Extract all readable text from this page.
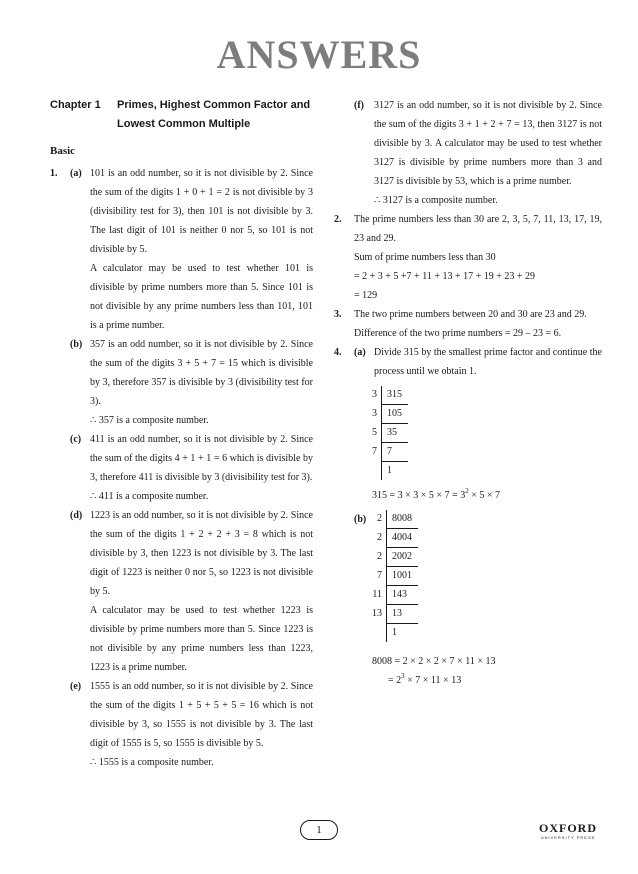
ANSWERS
Chapter 1	Primes, Highest Common Factor and Lowest Common Multiple
Basic
1.	(a) 101 is an odd number, so it is not divisible by 2. Since the sum of the digits 1 + 0 + 1 = 2 is not divisible by 3 (divisibility test for 3), then 101 is not divisible by 3. The last digit of 101 is neither 0 nor 5, so 101 is not divisible by 5.
A calculator may be used to test whether 101 is divisible by prime numbers more than 5. Since 101 is not divisible by any prime numbers less than 101, 101 is a prime number.
(b) 357 is an odd number, so it is not divisible by 2. Since the sum of the digits 3 + 5 + 7 = 15 which is divisible by 3, therefore 357 is divisible by 3 (divisibility test for 3).
∴ 357 is a composite number.
(c) 411 is an odd number, so it is not divisible by 2. Since the sum of the digits 4 + 1 + 1 = 6 which is divisible by 3, therefore 411 is divisible by 3 (divisibility test for 3).
∴ 411 is a composite number.
(d) 1223 is an odd number, so it is not divisible by 2. Since the sum of the digits 1 + 2 + 2 + 3 = 8 which is not divisible by 3, then 1223 is not divisible by 3. The last digit of 1223 is neither 0 nor 5, so 1223 is not divisible by 5.
A calculator may be used to test whether 1223 is divisible by prime numbers more than 5. Since 1223 is not divisible by any prime numbers less than 1223, 1223 is a prime number.
(e) 1555 is an odd number, so it is not divisible by 2. Since the sum of the digits 1 + 5 + 5 + 5 = 16 which is not divisible by 3, so 1555 is not divisible by 3. The last digit of 1555 is 5, so 1555 is divisible by 5.
∴ 1555 is a composite number.
(f)	3127 is an odd number, so it is not divisible by 2. Since the sum of the digits 3 + 1 + 2 + 7 = 13, then 3127 is not divisible by 3. A calculator may be used to test whether 3127 is divisible by prime numbers more than 3 and 3127 is divisible by 53, which is a prime number.
∴ 3127 is a composite number.
2.	The prime numbers less than 30 are 2, 3, 5, 7, 11, 13, 17, 19, 23 and 29.
Sum of prime numbers less than 30
= 2 + 3 + 5 +7 + 11 + 13 + 17 + 19 + 23 + 29
= 129
3.	The two prime numbers between 20 and 30 are 23 and 29.
Difference of the two prime numbers = 29 – 23 = 6.
4.	(a) Divide 315 by the smallest prime factor and continue the process until we obtain 1.
3	315
3	105
5	35
7	7
	1
$315 = 3 \times 3 \times 5 \times 7 = 3^2 \times 5 \times 7$
(b)	2	8008
2	4004
2	2002
7	1001
11	143
13	13
	1
8008 = 2 × 2 × 2 × 7 × 11 × 13
= $2^3 \times 7 \times 11 \times 13$
1	OXFORD
UNIVERSITY PRESS
